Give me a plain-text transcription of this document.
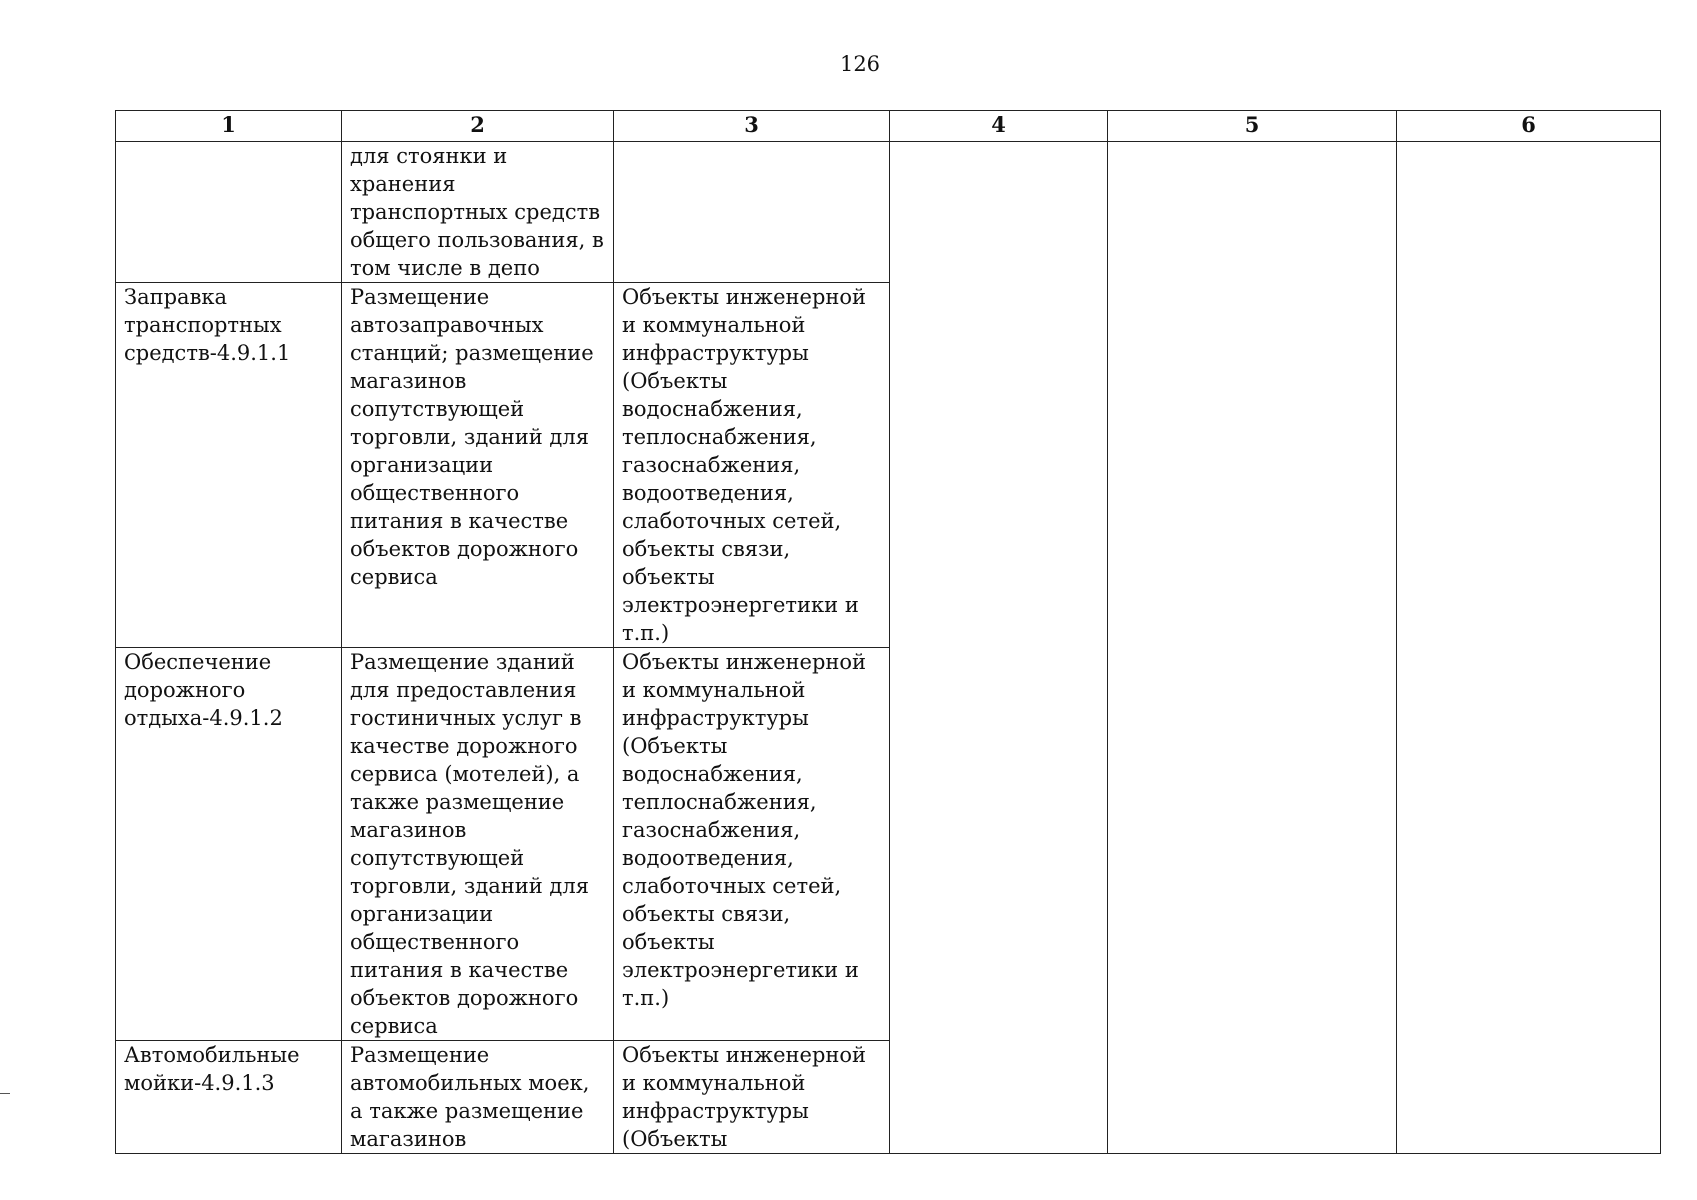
126
1	2	3	4	5	6
	для стоянки и хранения транспортных средств общего пользования, в том числе в депо				
Заправка транспортных средств-4.9.1.1	Размещение автозаправочных станций; размещение магазинов сопутствующей торговли, зданий для организации общественного питания в качестве объектов дорожного сервиса	Объекты инженерной и коммунальной инфраструктуры (Объекты водоснабжения, теплоснабжения, газоснабжения, водоотведения, слаботочных сетей, объекты связи, объекты электроэнергетики и т.п.)			
Обеспечение дорожного отдыха-4.9.1.2	Размещение зданий для предоставления гостиничных услуг в качестве дорожного сервиса (мотелей), а также размещение магазинов сопутствующей торговли, зданий для организации общественного питания в качестве объектов дорожного сервиса	Объекты инженерной и коммунальной инфраструктуры (Объекты водоснабжения, теплоснабжения, газоснабжения, водоотведения, слаботочных сетей, объекты связи, объекты электроэнергетики и т.п.)			
Автомобильные мойки-4.9.1.3	Размещение автомобильных моек, а также размещение магазинов	Объекты инженерной и коммунальной инфраструктуры (Объекты			
